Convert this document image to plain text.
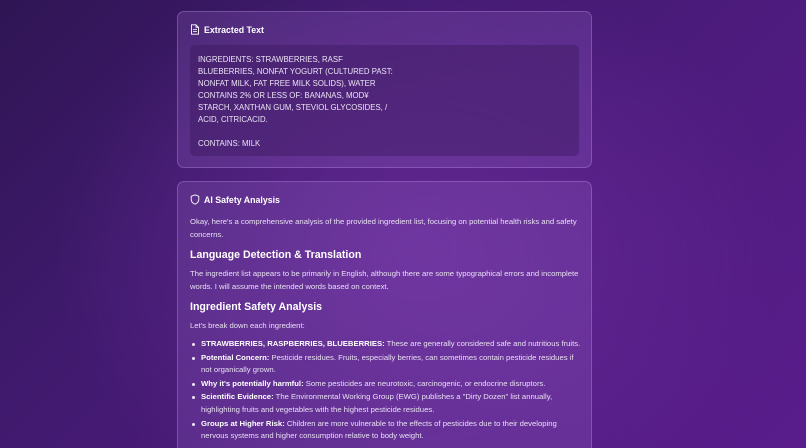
Extracted Text
INGREDIENTS: STRAWBERRIES, RASF
BLUEBERRIES, NONFAT YOGURT (CULTURED PAST:
NONFAT MILK, FAT FREE MILK SOLIDS), WATER
CONTAINS 2% OR LESS OF: BANANAS, MOD¥
STARCH, XANTHAN GUM, STEVIOL GLYCOSIDES, /
ACID, CITRICACID.
CONTAINS: MILK
AI Safety Analysis

Okay, here's a comprehensive analysis of the provided ingredient list, focusing on potential health risks and safety concerns.

Language Detection & Translation

The ingredient list appears to be primarily in English, although there are some typographical errors and incomplete words. I will assume the intended words based on context.

Ingredient Safety Analysis

Let's break down each ingredient:

STRAWBERRIES, RASPBERRIES, BLUEBERRIES: These are generally considered safe and nutritious fruits.
Potential Concern: Pesticide residues. Fruits, especially berries, can sometimes contain pesticide residues if not organically grown.
Why it's potentially harmful: Some pesticides are neurotoxic, carcinogenic, or endocrine disruptors.
Scientific Evidence: The Environmental Working Group (EWG) publishes a "Dirty Dozen" list annually, highlighting fruits and vegetables with the highest pesticide residues.
Groups at Higher Risk: Children are more vulnerable to the effects of pesticides due to their developing nervous systems and higher consumption relative to body weight.
